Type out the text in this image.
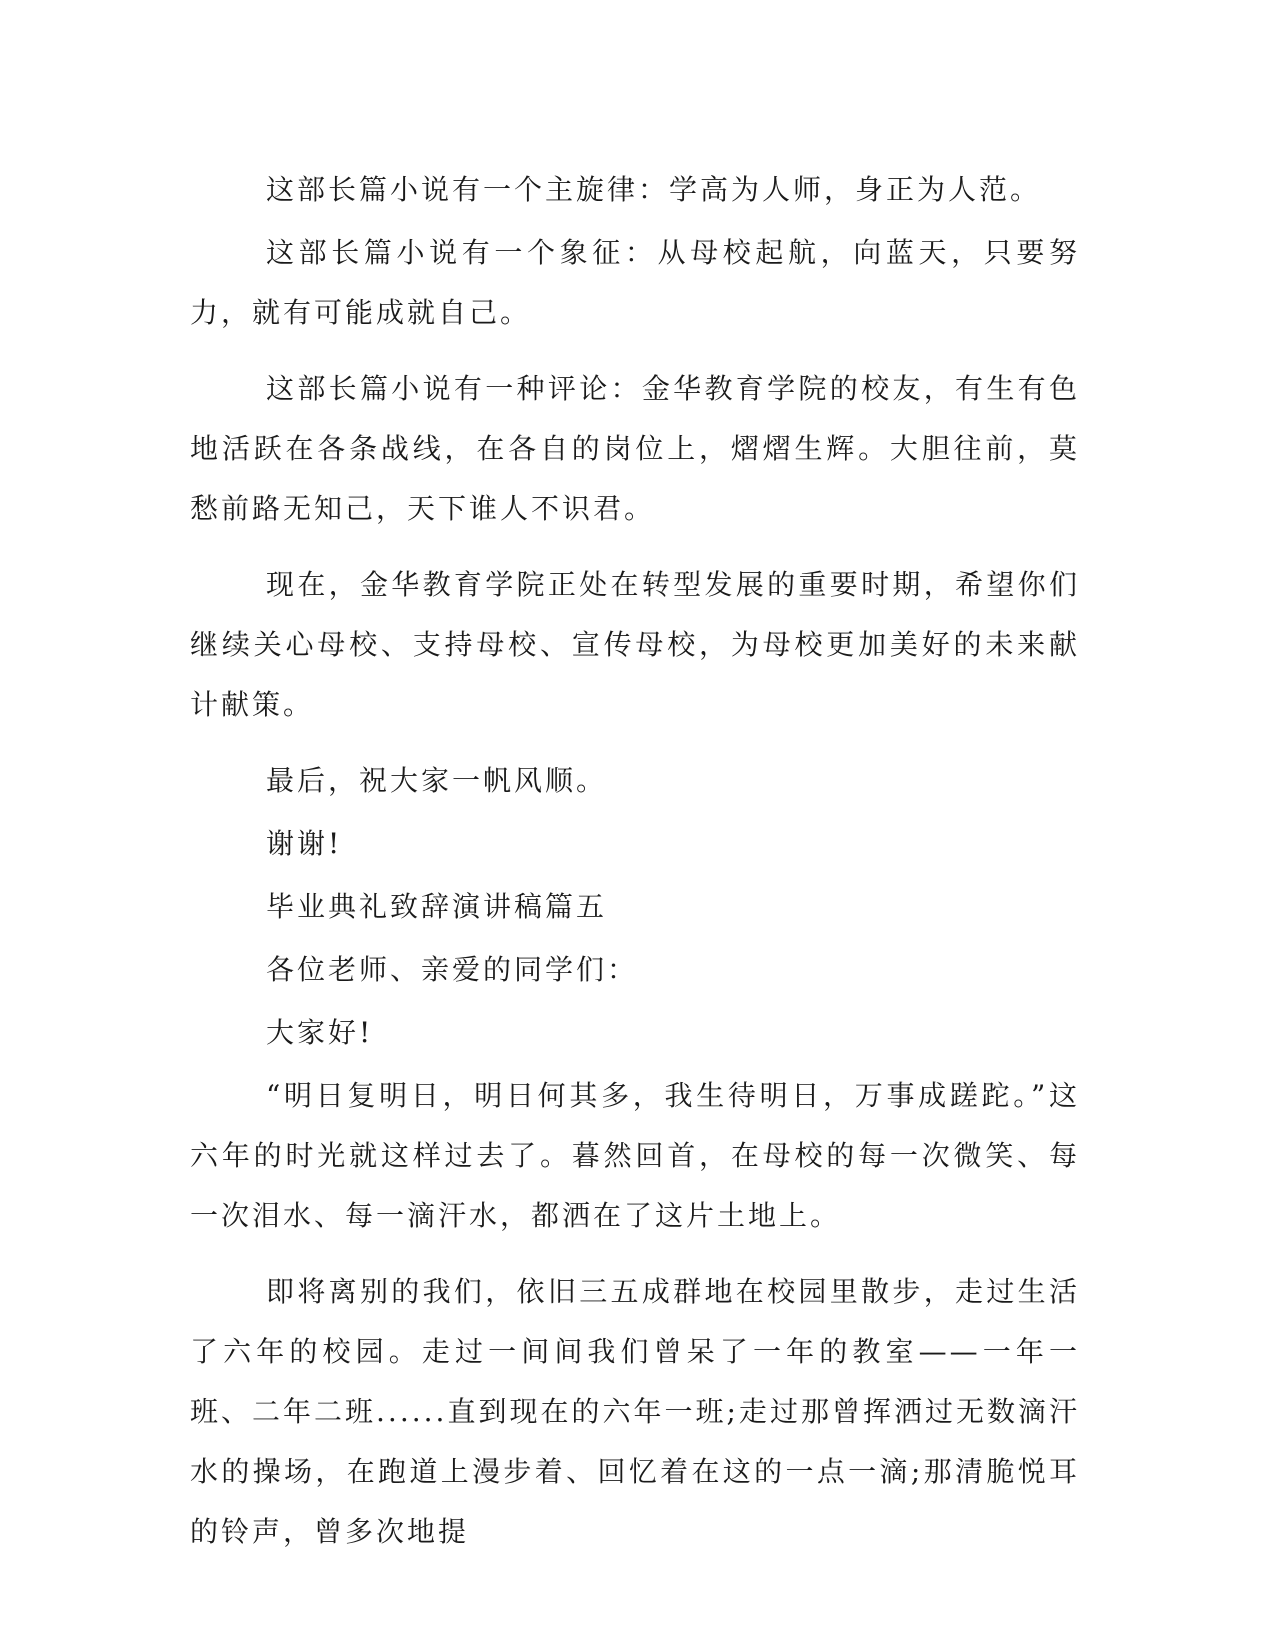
这部长篇小说有一个主旋律：学高为人师，身正为人范。

这部长篇小说有一个象征：从母校起航，向蓝天，只要努力，就有可能成就自己。

这部长篇小说有一种评论：金华教育学院的校友，有生有色地活跃在各条战线，在各自的岗位上，熠熠生辉。大胆往前，莫愁前路无知己，天下谁人不识君。

现在，金华教育学院正处在转型发展的重要时期，希望你们继续关心母校、支持母校、宣传母校，为母校更加美好的未来献计献策。

最后，祝大家一帆风顺。

谢谢!

毕业典礼致辞演讲稿篇五

各位老师、亲爱的同学们：

大家好!

“明日复明日，明日何其多，我生待明日，万事成蹉跎。”这六年的时光就这样过去了。暮然回首，在母校的每一次微笑、每一次泪水、每一滴汗水，都洒在了这片土地上。

即将离别的我们，依旧三五成群地在校园里散步，走过生活了六年的校园。走过一间间我们曾呆了一年的教室——一年一班、二年二班......直到现在的六年一班;走过那曾挥洒过无数滴汗水的操场，在跑道上漫步着、回忆着在这的一点一滴;那清脆悦耳的铃声，曾多次地提
